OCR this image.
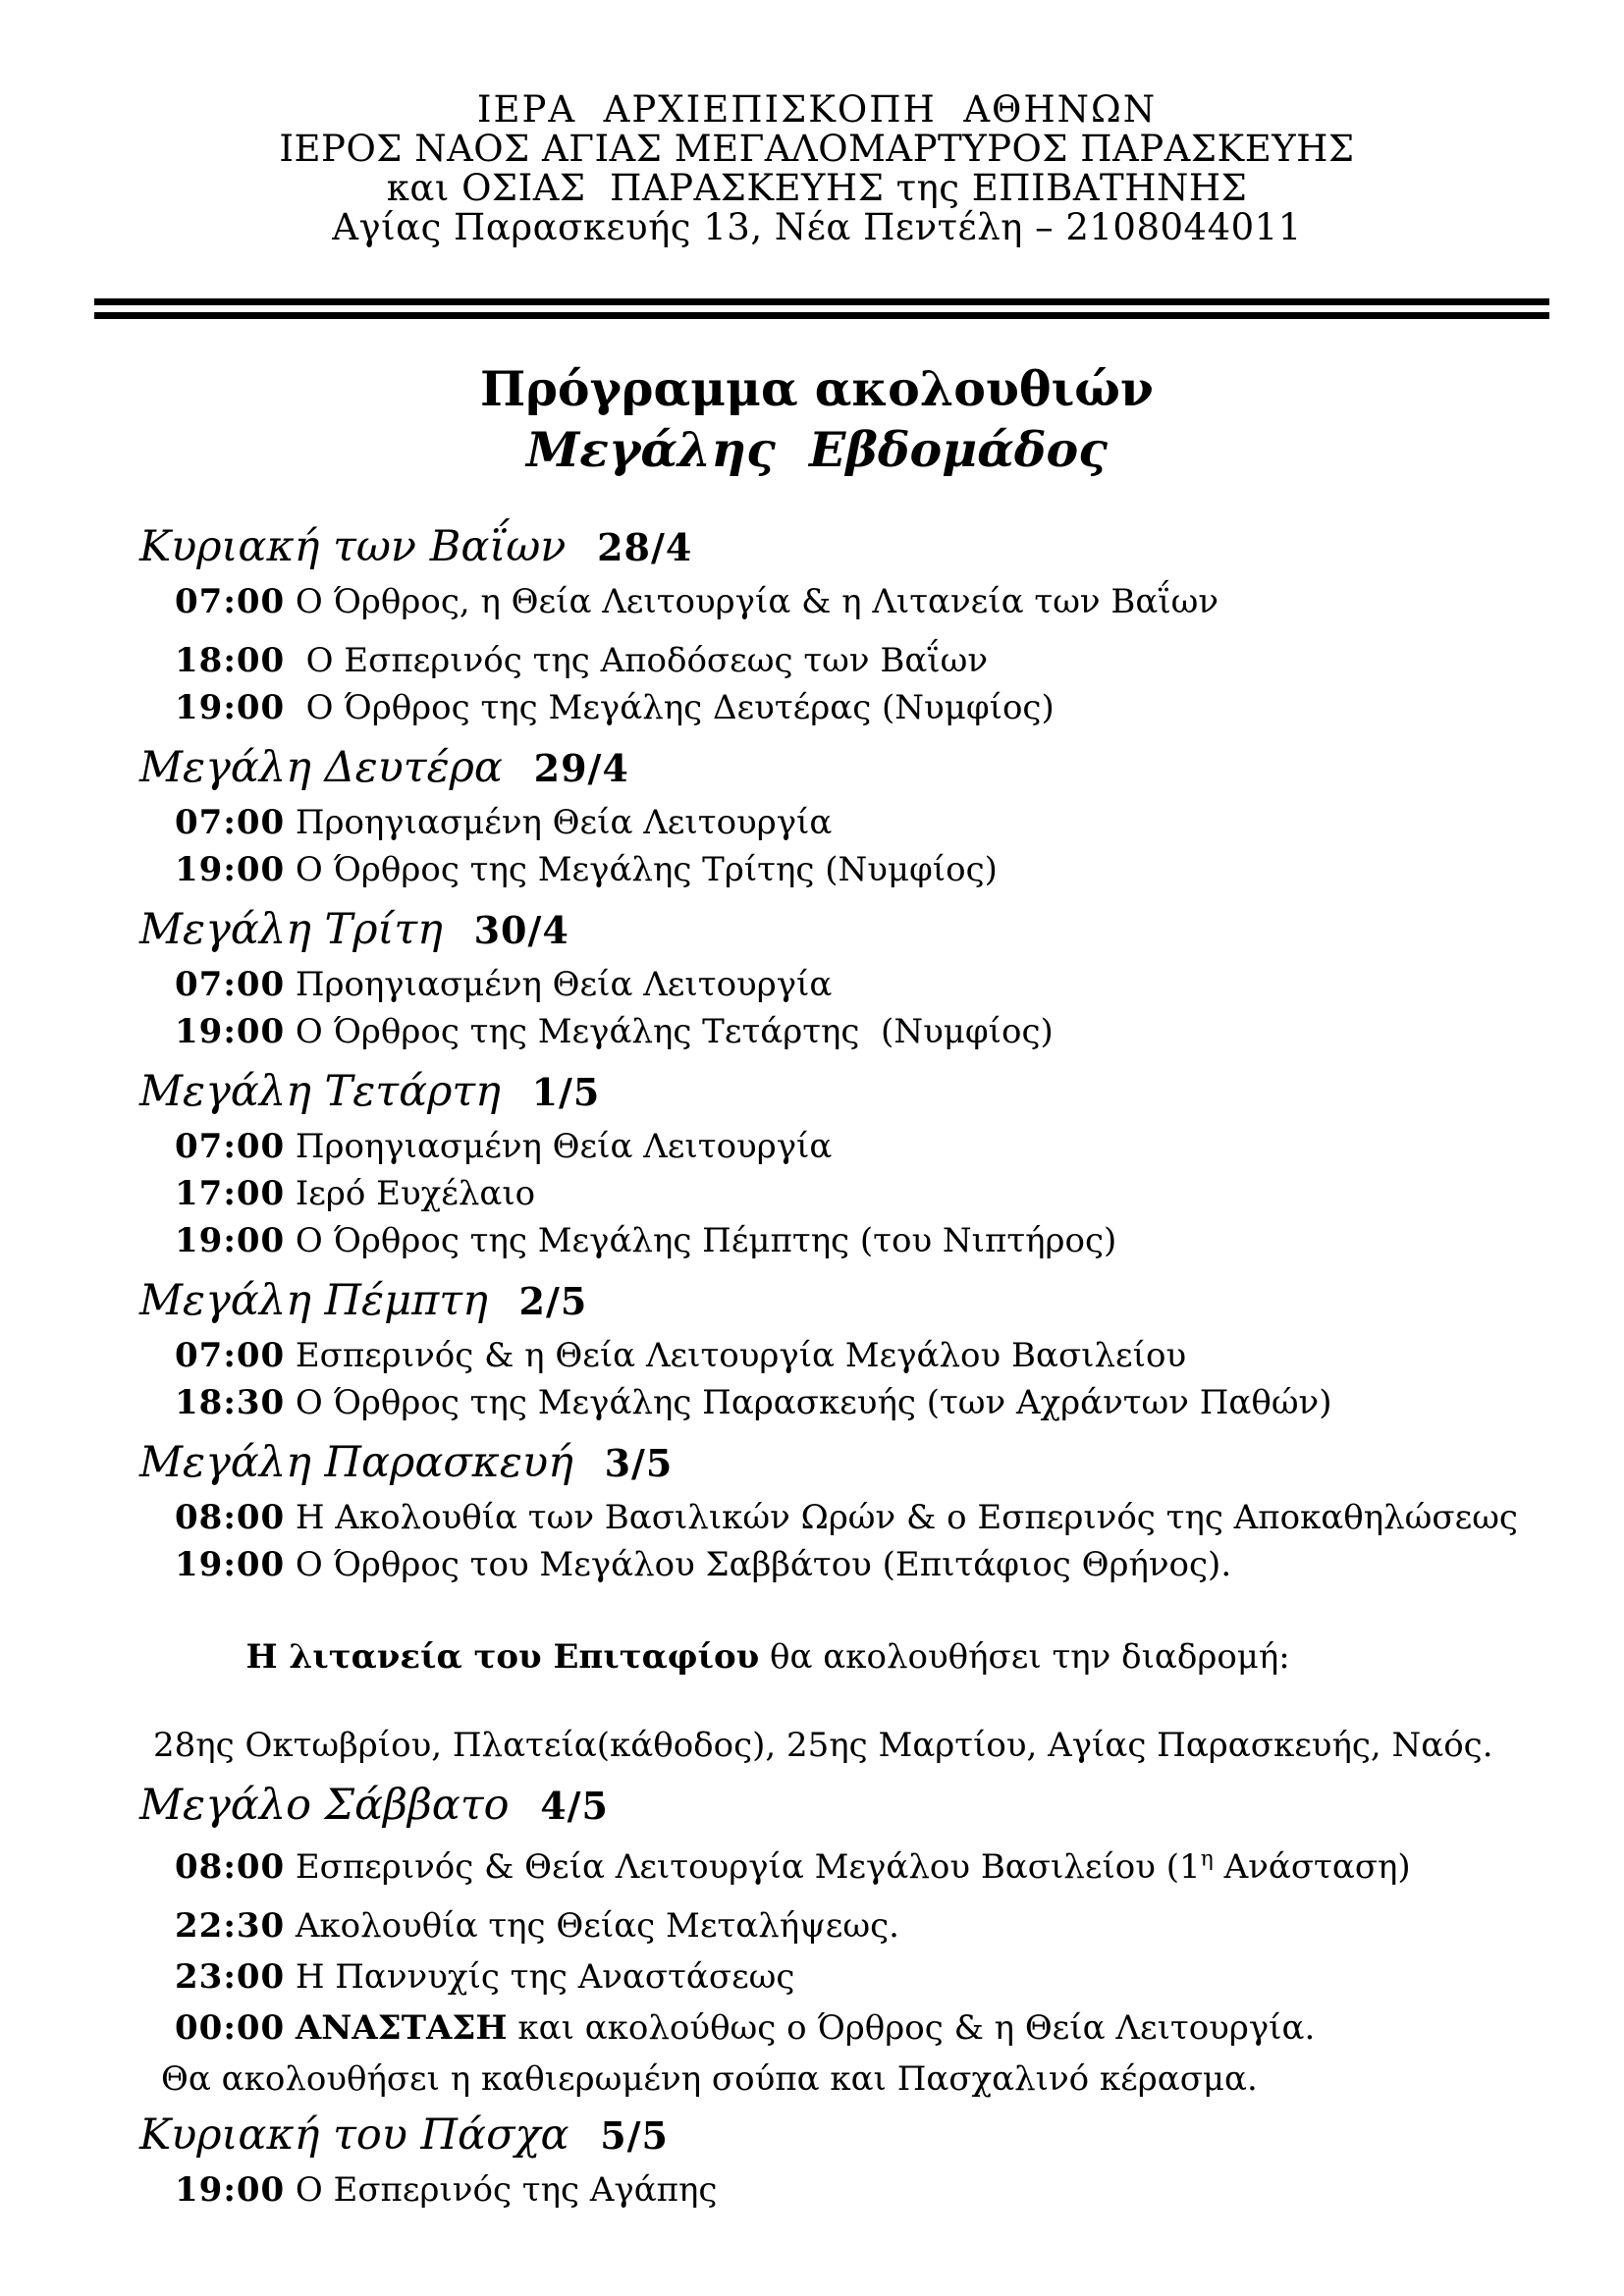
ΙΕΡΑ  ΑΡΧΙΕΠΙΣΚΟΠΗ  ΑΘΗΝΩΝ
ΙΕΡΟΣ ΝΑΟΣ ΑΓΙΑΣ ΜΕΓΑΛΟΜΑΡΤΥΡΟΣ ΠΑΡΑΣΚΕΥΗΣ
και ΟΣΙΑΣ  ΠΑΡΑΣΚΕΥΗΣ της ΕΠΙΒΑΤΗΝΗΣ
Αγίας Παρασκευής 13, Νέα Πεντέλη – 2108044011
Πρόγραμμα ακολουθιών
Μεγάλης  Εβδομάδος
Κυριακή των Βαΐων 28/4
07:00 Ο Όρθρος, η Θεία Λειτουργία & η Λιτανεία των Βαΐων
18:00  Ο Εσπερινός της Αποδόσεως των Βαΐων
19:00  Ο Όρθρος της Μεγάλης Δευτέρας (Νυμφίος)
Μεγάλη Δευτέρα 29/4
07:00 Προηγιασμένη Θεία Λειτουργία
19:00 Ο Όρθρος της Μεγάλης Τρίτης (Νυμφίος)
Μεγάλη Τρίτη 30/4
07:00 Προηγιασμένη Θεία Λειτουργία
19:00 Ο Όρθρος της Μεγάλης Τετάρτης  (Νυμφίος)
Μεγάλη Τετάρτη 1/5
07:00 Προηγιασμένη Θεία Λειτουργία
17:00 Ιερό Ευχέλαιο
19:00 Ο Όρθρος της Μεγάλης Πέμπτης (του Νιπτήρος)
Μεγάλη Πέμπτη 2/5
07:00 Εσπερινός & η Θεία Λειτουργία Μεγάλου Βασιλείου
18:30 Ο Όρθρος της Μεγάλης Παρασκευής (των Αχράντων Παθών)
Μεγάλη Παρασκευή 3/5
08:00 Η Ακολουθία των Βασιλικών Ωρών & ο Εσπερινός της Αποκαθηλώσεως
19:00 Ο Όρθρος του Μεγάλου Σαββάτου (Επιτάφιος Θρήνος).

Η λιτανεία του Επιταφίου θα ακολουθήσει την διαδρομή:

28ης Οκτωβρίου, Πλατεία(κάθοδος), 25ης Μαρτίου, Αγίας Παρασκευής, Ναός.
Μεγάλο Σάββατο 4/5
08:00 Εσπερινός & Θεία Λειτουργία Μεγάλου Βασιλείου ($1^\eta$ Ανάσταση)
22:30 Ακολουθία της Θείας Μεταλήψεως.
23:00 Η Παννυχίς της Αναστάσεως
00:00 ΑΝΑΣΤΑΣΗ και ακολούθως ο Όρθρος & η Θεία Λειτουργία.
Θα ακολουθήσει η καθιερωμένη σούπα και Πασχαλινό κέρασμα.
Κυριακή του Πάσχα 5/5
19:00 Ο Εσπερινός της Αγάπης
